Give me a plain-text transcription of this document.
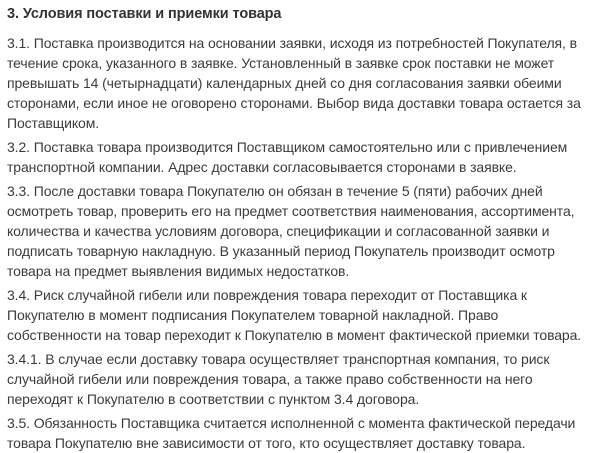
3. Условия поставки и приемки товара

3.1. Поставка производится на основании заявки, исходя из потребностей Покупателя, в течение срока, указанного в заявке. Установленный в заявке срок поставки не может превышать 14 (четырнадцати) календарных дней со дня согласования заявки обеими сторонами, если иное не оговорено сторонами. Выбор вида доставки товара остается за Поставщиком.

3.2. Поставка товара производится Поставщиком самостоятельно или с привлечением транспортной компании. Адрес доставки согласовывается сторонами в заявке.

3.3. После доставки товара Покупателю он обязан в течение 5 (пяти) рабочих дней осмотреть товар, проверить его на предмет соответствия наименования, ассортимента, количества и качества условиям договора, спецификации и согласованной заявки и подписать товарную накладную. В указанный период Покупатель производит осмотр товара на предмет выявления видимых недостатков.

3.4. Риск случайной гибели или повреждения товара переходит от Поставщика к Покупателю в момент подписания Покупателем товарной накладной. Право собственности на товар переходит к Покупателю в момент фактической приемки товара.

3.4.1. В случае если доставку товара осуществляет транспортная компания, то риск случайной гибели или повреждения товара, а также право собственности на него переходят к Покупателю в соответствии с пунктом 3.4 договора.

3.5. Обязанность Поставщика считается исполненной с момента фактической передачи товара Покупателю вне зависимости от того, кто осуществляет доставку товара.
